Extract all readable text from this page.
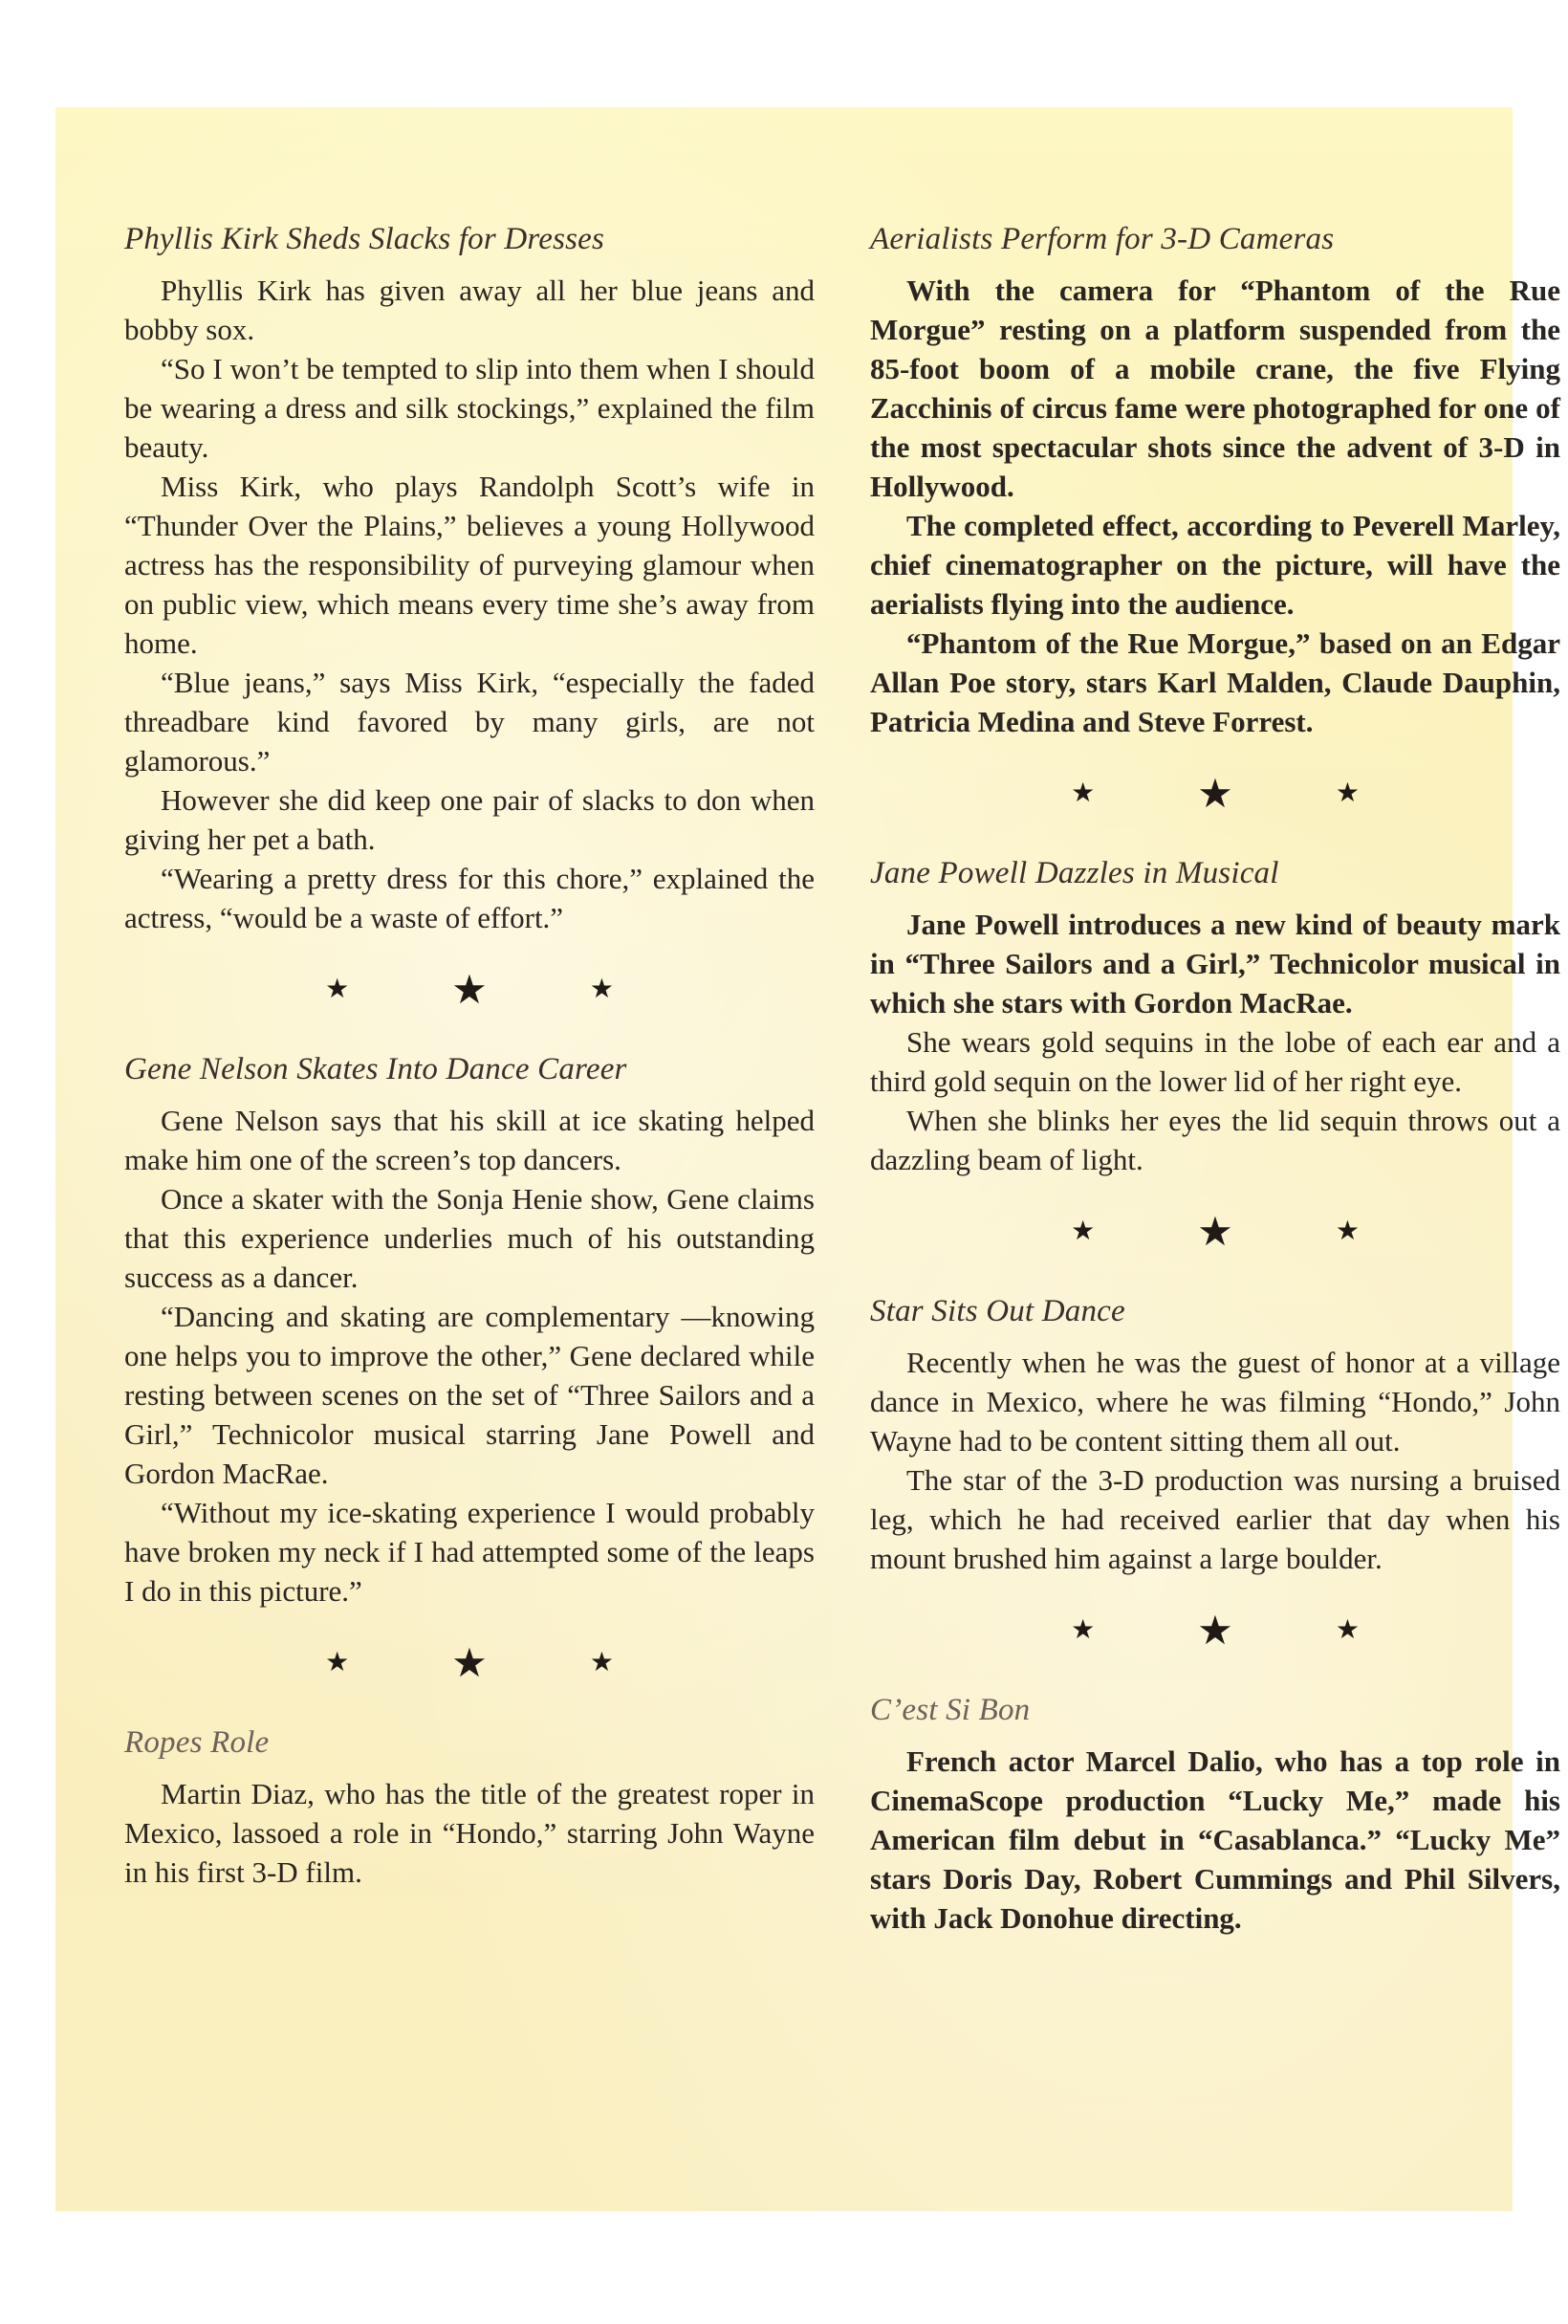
Phyllis Kirk Sheds Slacks for Dresses

Phyllis Kirk has given away all her blue jeans and bobby sox.

“So I won’t be tempted to slip into them when I should be wearing a dress and silk stockings,” explained the film beauty.

Miss Kirk, who plays Randolph Scott’s wife in “Thunder Over the Plains,” believes a young Hollywood actress has the responsibility of purveying glamour when on public view, which means every time she’s away from home.

“Blue jeans,” says Miss Kirk, “especially the faded threadbare kind favored by many girls, are not glamorous.”

However she did keep one pair of slacks to don when giving her pet a bath.

“Wearing a pretty dress for this chore,” explained the actress, “would be a waste of effort.”

★	★	★
Gene Nelson Skates Into Dance Career

Gene Nelson says that his skill at ice skating helped make him one of the screen’s top dancers.

Once a skater with the Sonja Henie show, Gene claims that this experience underlies much of his outstanding success as a dancer.

“Dancing and skating are complementary —knowing one helps you to improve the other,” Gene declared while resting between scenes on the set of “Three Sailors and a Girl,” Technicolor musical starring Jane Powell and Gordon MacRae.

“Without my ice-skating experience I would probably have broken my neck if I had attempted some of the leaps I do in this picture.”

★	★	★
Ropes Role

Martin Diaz, who has the title of the greatest roper in Mexico, lassoed a role in “Hondo,” starring John Wayne in his first 3-D film.

Aerialists Perform for 3-D Cameras

With the camera for “Phantom of the Rue Morgue” resting on a platform suspended from the 85-foot boom of a mobile crane, the five Flying Zacchinis of circus fame were photographed for one of the most spectacular shots since the advent of 3-D in Hollywood.

The completed effect, according to Peverell Marley, chief cinematographer on the picture, will have the aerialists flying into the audience.

“Phantom of the Rue Morgue,” based on an Edgar Allan Poe story, stars Karl Malden, Claude Dauphin, Patricia Medina and Steve Forrest.

★	★	★
Jane Powell Dazzles in Musical

Jane Powell introduces a new kind of beauty mark in “Three Sailors and a Girl,” Technicolor musical in which she stars with Gordon MacRae.

She wears gold sequins in the lobe of each ear and a third gold sequin on the lower lid of her right eye.

When she blinks her eyes the lid sequin throws out a dazzling beam of light.

★	★	★
Star Sits Out Dance

Recently when he was the guest of honor at a village dance in Mexico, where he was filming “Hondo,” John Wayne had to be content sitting them all out.

The star of the 3-D production was nursing a bruised leg, which he had received earlier that day when his mount brushed him against a large boulder.

★	★	★
C’est Si Bon

French actor Marcel Dalio, who has a top role in CinemaScope production “Lucky Me,” made his American film debut in “Casablanca.” “Lucky Me” stars Doris Day, Robert Cummings and Phil Silvers, with Jack Donohue directing.
